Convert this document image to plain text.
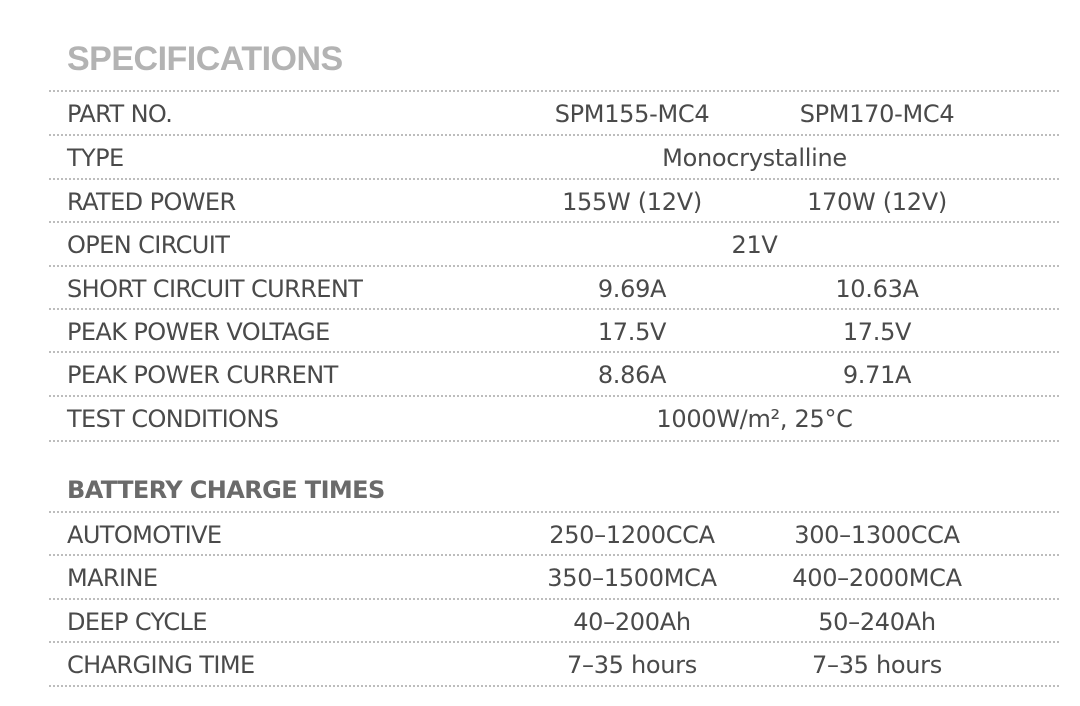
SPECIFICATIONS
PART NO.	SPM155-MC4	SPM170-MC4
TYPE	Monocrystalline
RATED POWER	155W (12V)	170W (12V)
OPEN CIRCUIT	21V
SHORT CIRCUIT CURRENT	9.69A	10.63A
PEAK POWER VOLTAGE	17.5V	17.5V
PEAK POWER CURRENT	8.86A	9.71A
TEST CONDITIONS	1000W/m², 25°C
BATTERY CHARGE TIMES
AUTOMOTIVE	250–1200CCA	300–1300CCA
MARINE	350–1500MCA	400–2000MCA
DEEP CYCLE	40–200Ah	50–240Ah
CHARGING TIME	7–35 hours	7–35 hours
